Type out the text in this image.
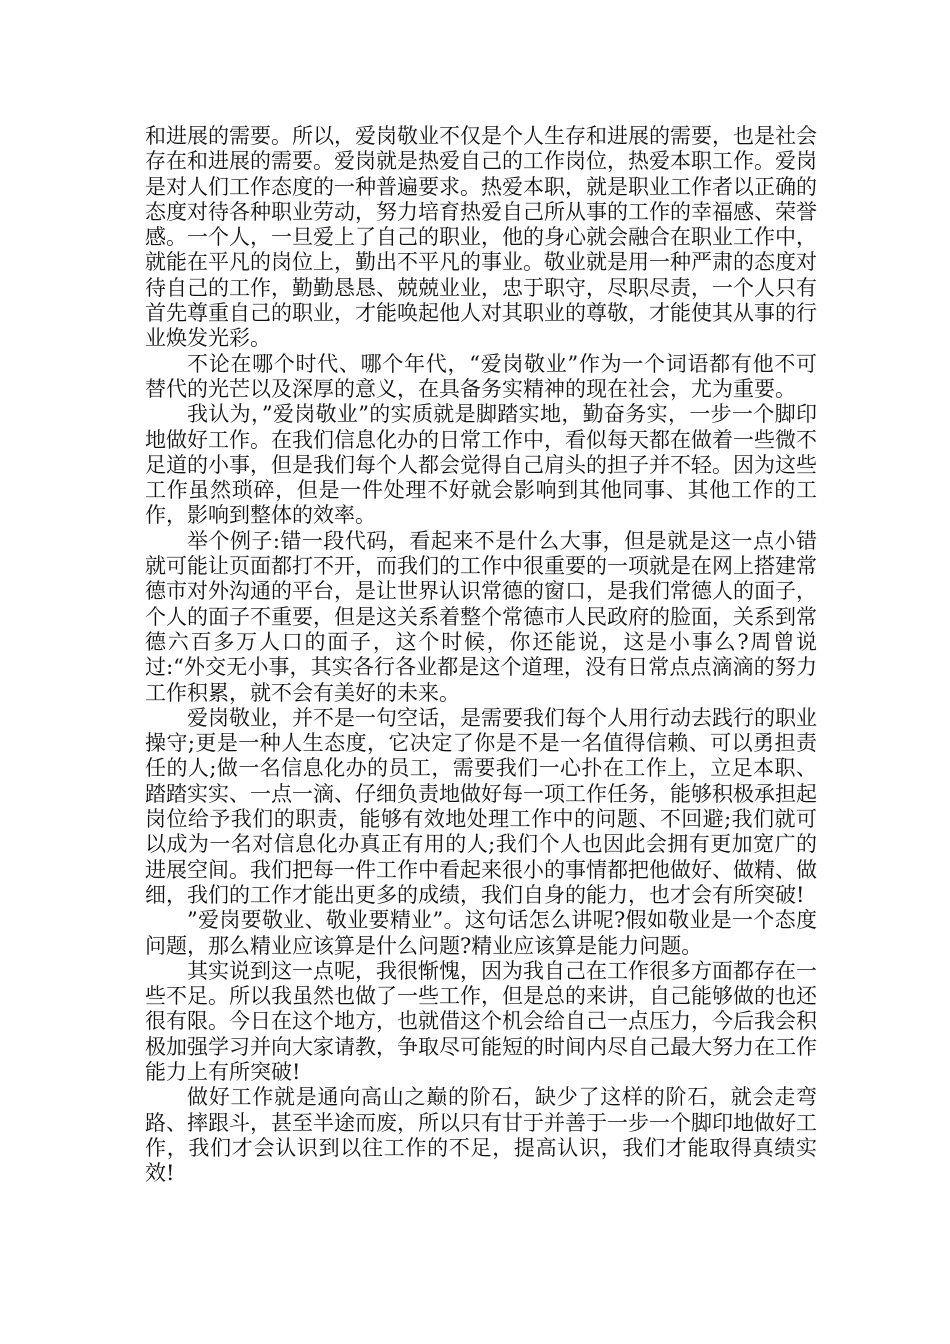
和进展的需要。所以，爱岗敬业不仅是个人生存和进展的需要，也是社会存在和进展的需要。爱岗就是热爱自己的工作岗位，热爱本职工作。爱岗是对人们工作态度的一种普遍要求。热爱本职，就是职业工作者以正确的态度对待各种职业劳动，努力培育热爱自己所从事的工作的幸福感、荣誉感。一个人，一旦爱上了自己的职业，他的身心就会融合在职业工作中，就能在平凡的岗位上，勤出不平凡的事业。敬业就是用一种严肃的态度对待自己的工作，勤勤恳恳、兢兢业业，忠于职守，尽职尽责，一个人只有首先尊重自己的职业，才能唤起他人对其职业的尊敬，才能使其从事的行业焕发光彩。

不论在哪个时代、哪个年代，“爱岗敬业”作为一个词语都有他不可替代的光芒以及深厚的意义，在具备务实精神的现在社会，尤为重要。

我认为，”爱岗敬业”的实质就是脚踏实地，勤奋务实，一步一个脚印地做好工作。在我们信息化办的日常工作中，看似每天都在做着一些微不足道的小事，但是我们每个人都会觉得自己肩头的担子并不轻。因为这些工作虽然琐碎，但是一件处理不好就会影响到其他同事、其他工作的工作，影响到整体的效率。

举个例子:错一段代码，看起来不是什么大事，但是就是这一点小错就可能让页面都打不开，而我们的工作中很重要的一项就是在网上搭建常德市对外沟通的平台，是让世界认识常德的窗口，是我们常德人的面子，个人的面子不重要，但是这关系着整个常德市人民政府的脸面，关系到常德六百多万人口的面子，这个时候，你还能说，这是小事么?周曾说过:“外交无小事，其实各行各业都是这个道理，没有日常点点滴滴的努力工作积累，就不会有美好的未来。

爱岗敬业，并不是一句空话，是需要我们每个人用行动去践行的职业操守;更是一种人生态度，它决定了你是不是一名值得信赖、可以勇担责任的人;做一名信息化办的员工，需要我们一心扑在工作上，立足本职、踏踏实实、一点一滴、仔细负责地做好每一项工作任务，能够积极承担起岗位给予我们的职责，能够有效地处理工作中的问题、不回避;我们就可以成为一名对信息化办真正有用的人;我们个人也因此会拥有更加宽广的进展空间。我们把每一件工作中看起来很小的事情都把他做好、做精、做细，我们的工作才能出更多的成绩，我们自身的能力，也才会有所突破!

”爱岗要敬业、敬业要精业”。这句话怎么讲呢?假如敬业是一个态度问题，那么精业应该算是什么问题?精业应该算是能力问题。

其实说到这一点呢，我很惭愧，因为我自己在工作很多方面都存在一些不足。所以我虽然也做了一些工作，但是总的来讲，自己能够做的也还很有限。今日在这个地方，也就借这个机会给自己一点压力，今后我会积极加强学习并向大家请教，争取尽可能短的时间内尽自己最大努力在工作能力上有所突破!

做好工作就是通向高山之巅的阶石，缺少了这样的阶石，就会走弯路、摔跟斗，甚至半途而废，所以只有甘于并善于一步一个脚印地做好工作，我们才会认识到以往工作的不足，提高认识，我们才能取得真绩实效!
